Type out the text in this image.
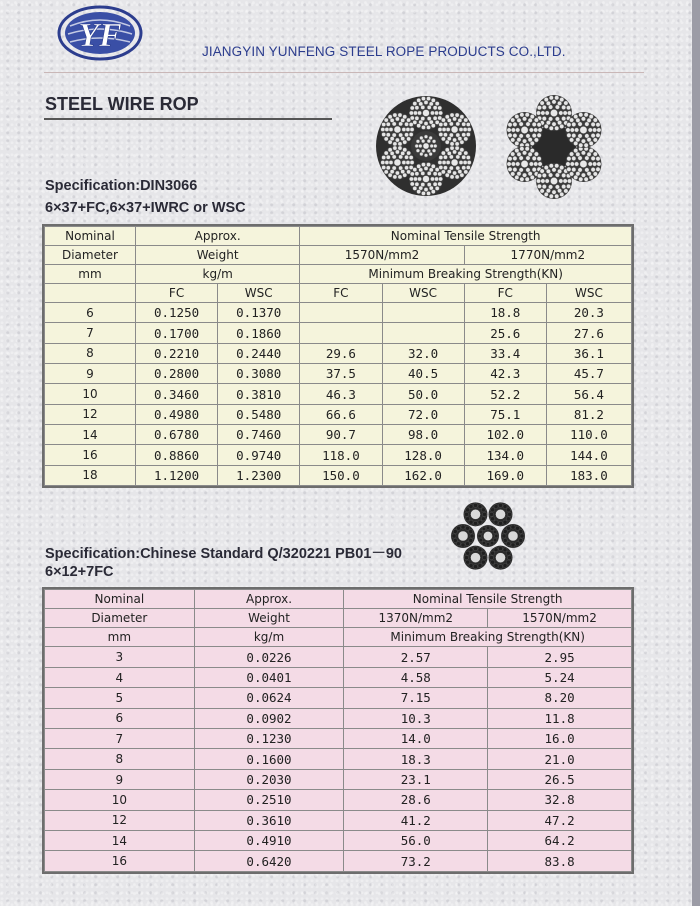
YF	JIANGYIN YUNFENG STEEL ROPE PRODUCTS CO.,LTD.
STEEL WIRE ROP
Specification:DIN3066
6×37+FC,6×37+IWRC or WSC
Nominal	Approx.		Nominal Tensile Strength			
Diameter	Weight		1570N/mm2		1770N/mm2	
mm	kg/m		Minimum Breaking Strength(KN)			
	FC	WSC	FC	WSC	FC	WSC
6	0.1250	0.1370			18.8	20.3
7	0.1700	0.1860			25.6	27.6
8	0.2210	0.2440	29.6	32.0	33.4	36.1
9	0.2800	0.3080	37.5	40.5	42.3	45.7
10	0.3460	0.3810	46.3	50.0	52.2	56.4
12	0.4980	0.5480	66.6	72.0	75.1	81.2
14	0.6780	0.7460	90.7	98.0	102.0	110.0
16	0.8860	0.9740	118.0	128.0	134.0	144.0
18	1.1200	1.2300	150.0	162.0	169.0	183.0
Specification:Chinese Standard Q/320221 PB01－90
6×12+7FC
Nominal	Approx.	Nominal Tensile Strength	
Diameter	Weight	1370N/mm2	1570N/mm2
mm	kg/m	Minimum Breaking Strength(KN)	
3	0.0226	2.57	2.95
4	0.0401	4.58	5.24
5	0.0624	7.15	8.20
6	0.0902	10.3	11.8
7	0.1230	14.0	16.0
8	0.1600	18.3	21.0
9	0.2030	23.1	26.5
10	0.2510	28.6	32.8
12	0.3610	41.2	47.2
14	0.4910	56.0	64.2
16	0.6420	73.2	83.8
